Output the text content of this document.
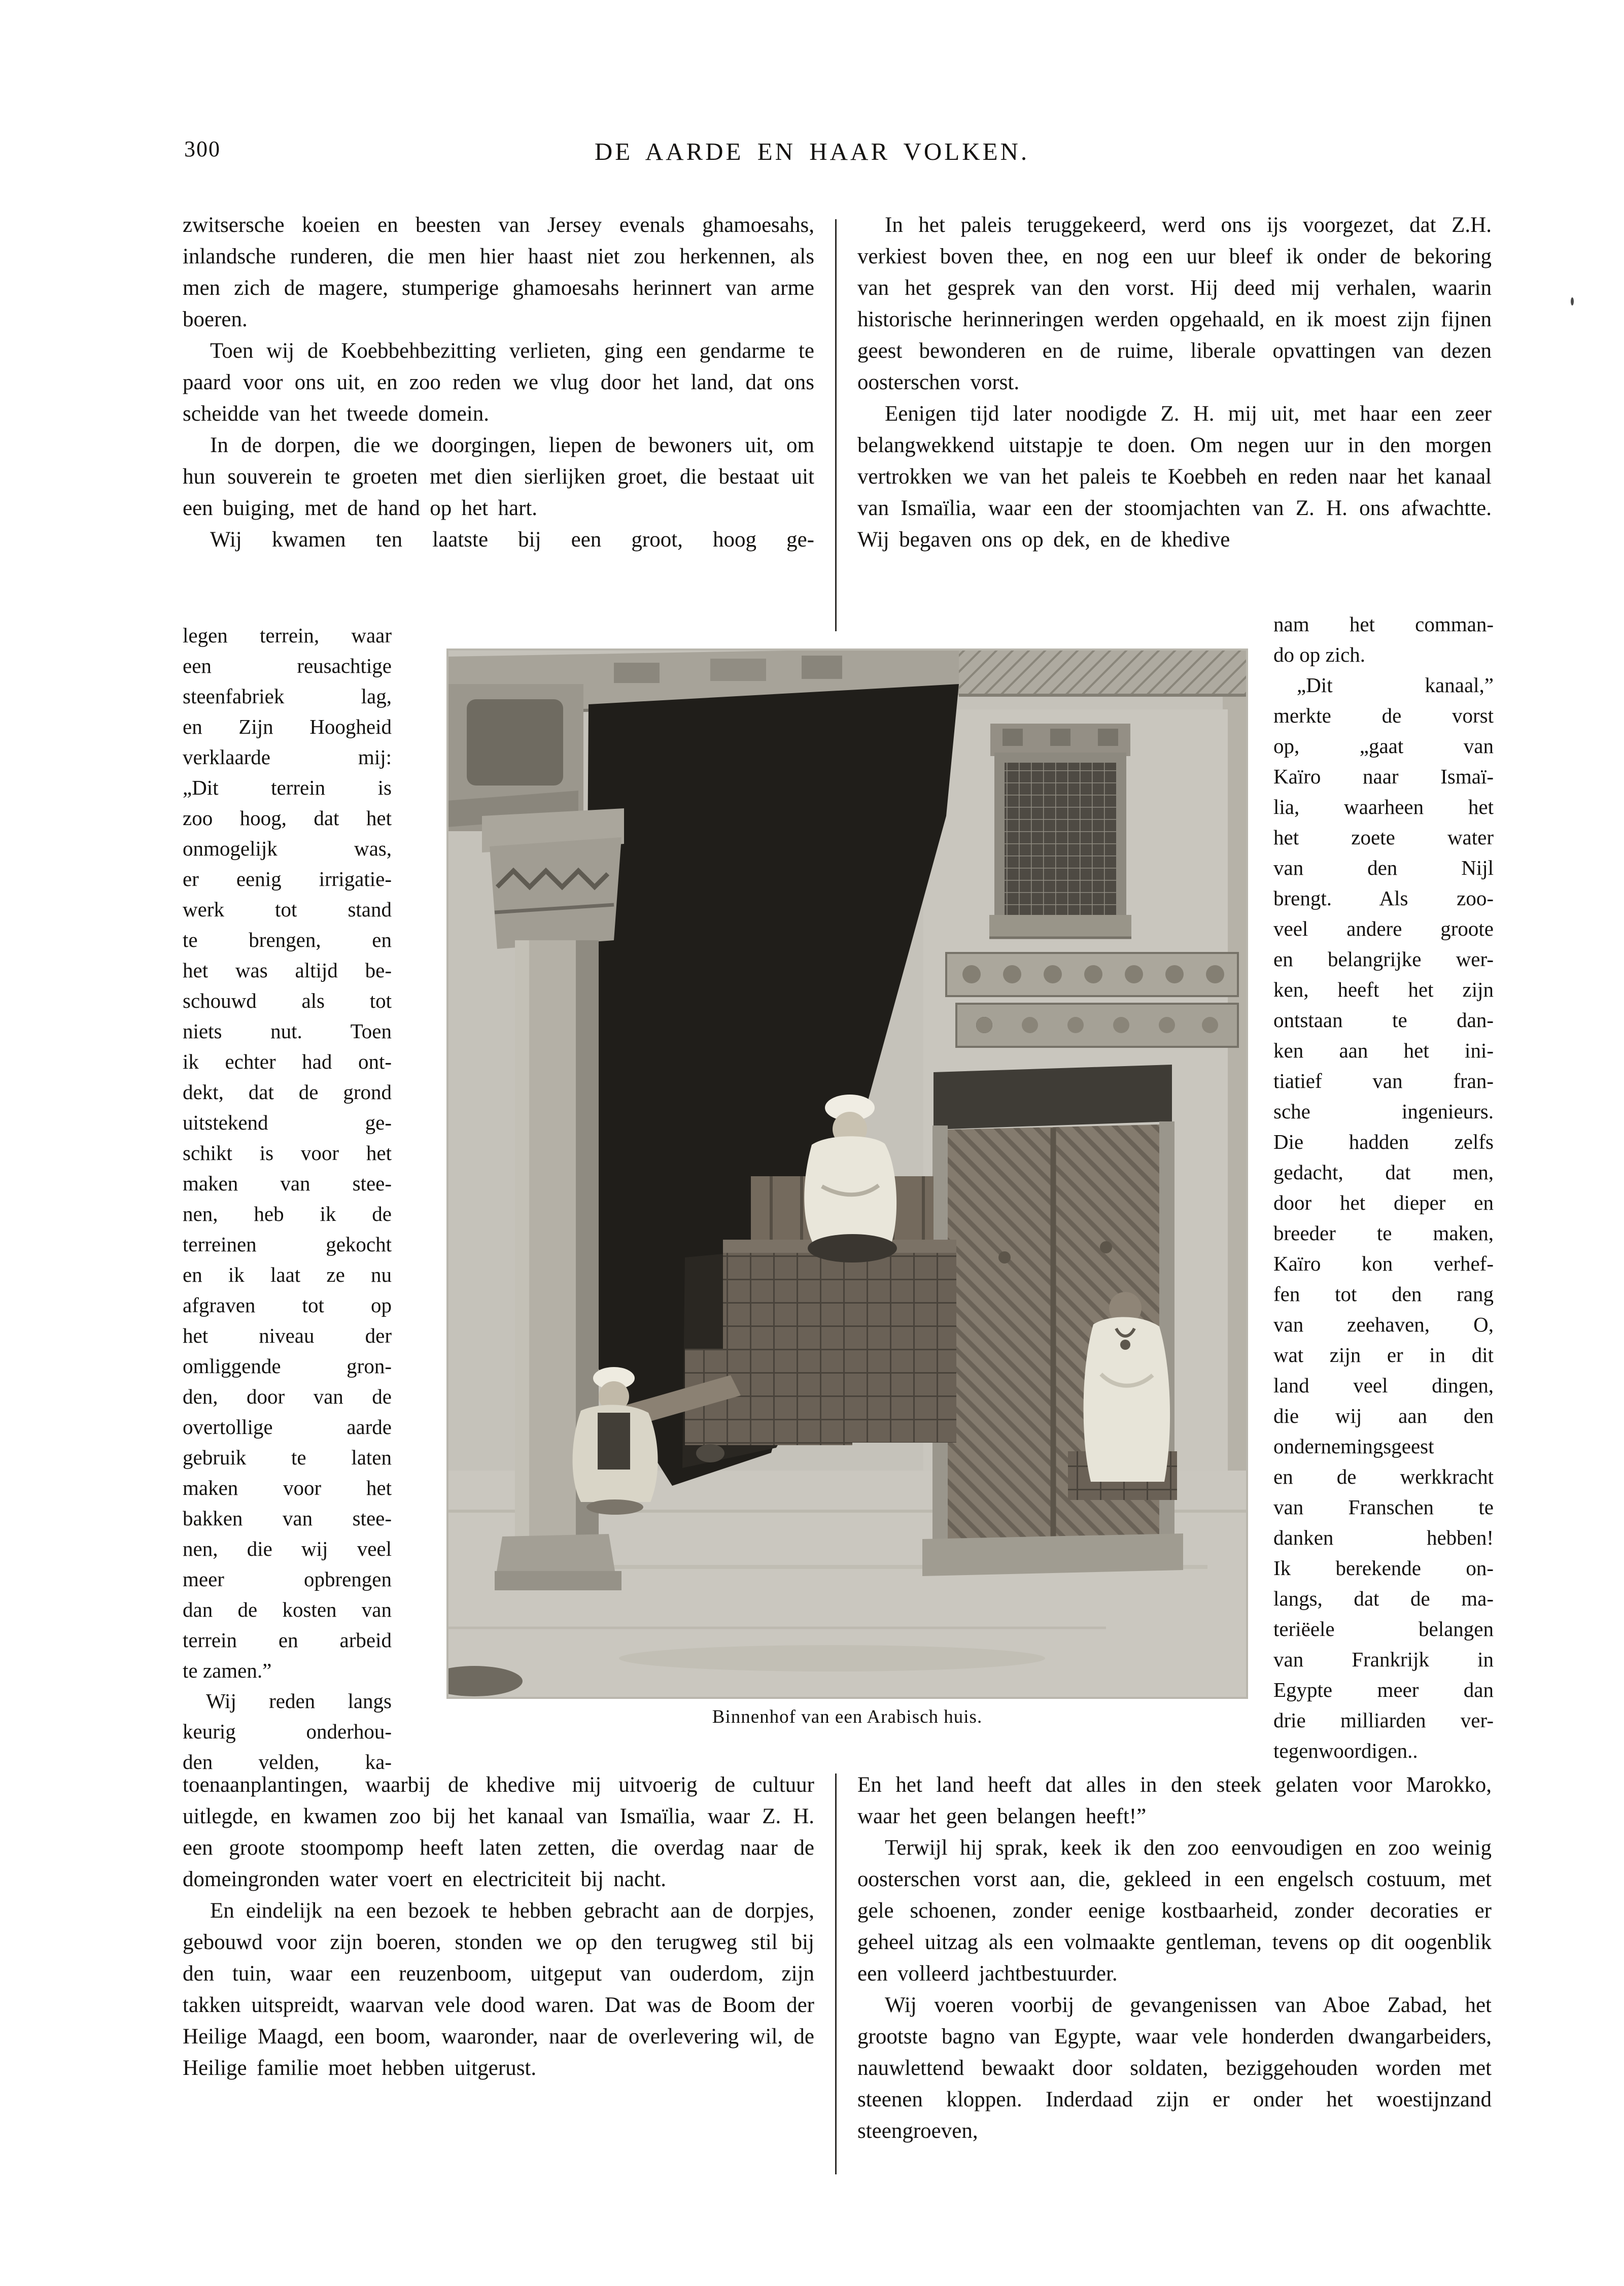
300	DE AARDE EN HAAR VOLKEN.
zwitsersche koeien en beesten van Jersey evenals ghamoesahs, inlandsche runderen, die men hier haast niet zou herkennen, als men zich de magere, stumperige ghamoesahs herinnert van arme boeren.
Toen wij de Koebbehbezitting verlieten, ging een gendarme te paard voor ons uit, en zoo reden we vlug door het land, dat ons scheidde van het tweede domein.
In de dorpen, die we doorgingen, liepen de bewoners uit, om hun souverein te groeten met dien sierlijken groet, die bestaat uit een buiging, met de hand op het hart.
Wij kwamen ten laatste bij een groot, hoog ge-
In het paleis teruggekeerd, werd ons ijs voorgezet, dat Z.H. verkiest boven thee, en nog een uur bleef ik onder de bekoring van het gesprek van den vorst. Hij deed mij verhalen, waarin historische herinneringen werden opgehaald, en ik moest zijn fijnen geest bewonderen en de ruime, liberale opvattingen van dezen oosterschen vorst.
Eenigen tijd later noodigde Z. H. mij uit, met haar een zeer belangwekkend uitstapje te doen. Om negen uur in den morgen vertrokken we van het paleis te Koebbeh en reden naar het kanaal van Ismaïlia, waar een der stoomjachten van Z. H. ons afwachtte. Wij begaven ons op dek, en de khedive
legen terrein, waar
een reusachtige
steenfabriek lag,
en Zijn Hoogheid
verklaarde mij:
„Dit terrein is
zoo hoog, dat het
onmogelijk was,
er eenig irrigatie-
werk tot stand
te brengen, en
het was altijd be-
schouwd als tot
niets nut. Toen
ik echter had ont-
dekt, dat de grond
uitstekend ge-
schikt is voor het
maken van stee-
nen, heb ik de
terreinen gekocht
en ik laat ze nu
afgraven tot op
het niveau der
omliggende gron-
den, door van de
overtollige aarde
gebruik te laten
maken voor het
bakken van stee-
nen, die wij veel
meer opbrengen
dan de kosten van
terrein en arbeid
te zamen.”
Wij reden langs
keurig onderhou-
den velden, ka-
nam het comman-
do op zich.
„Dit kanaal,”
merkte de vorst
op, „gaat van
Kaïro naar Ismaï-
lia, waarheen het
het zoete water
van den Nijl
brengt. Als zoo-
veel andere groote
en belangrijke wer-
ken, heeft het zijn
ontstaan te dan-
ken aan het ini-
tiatief van fran-
sche ingenieurs.
Die hadden zelfs
gedacht, dat men,
door het dieper en
breeder te maken,
Kaïro kon verhef-
fen tot den rang
van zeehaven, O,
wat zijn er in dit
land veel dingen,
die wij aan den
ondernemingsgeest
en de werkkracht
van Franschen te
danken hebben!
Ik berekende on-
langs, dat de ma-
teriëele belangen
van Frankrijk in
Egypte meer dan
drie milliarden ver-
tegenwoordigen..
Binnenhof van een Arabisch huis.
toenaanplantingen, waarbij de khedive mij uitvoerig de cultuur uitlegde, en kwamen zoo bij het kanaal van Ismaïlia, waar Z. H. een groote stoompomp heeft laten zetten, die overdag naar de domeingronden water voert en electriciteit bij nacht.
En eindelijk na een bezoek te hebben gebracht aan de dorpjes, gebouwd voor zijn boeren, stonden we op den terugweg stil bij den tuin, waar een reuzenboom, uitgeput van ouderdom, zijn takken uitspreidt, waarvan vele dood waren. Dat was de Boom der Heilige Maagd, een boom, waaronder, naar de overlevering wil, de Heilige familie moet hebben uitgerust.
En het land heeft dat alles in den steek gelaten voor Marokko, waar het geen belangen heeft!”
Terwijl hij sprak, keek ik den zoo eenvoudigen en zoo weinig oosterschen vorst aan, die, gekleed in een engelsch costuum, met gele schoenen, zonder eenige kostbaarheid, zonder decoraties er geheel uitzag als een volmaakte gentleman, tevens op dit oogenblik een volleerd jachtbestuurder.
Wij voeren voorbij de gevangenissen van Aboe Zabad, het grootste bagno van Egypte, waar vele honderden dwangarbeiders, nauwlettend bewaakt door soldaten, beziggehouden worden met steenen kloppen. Inderdaad zijn er onder het woestijnzand steengroeven,
